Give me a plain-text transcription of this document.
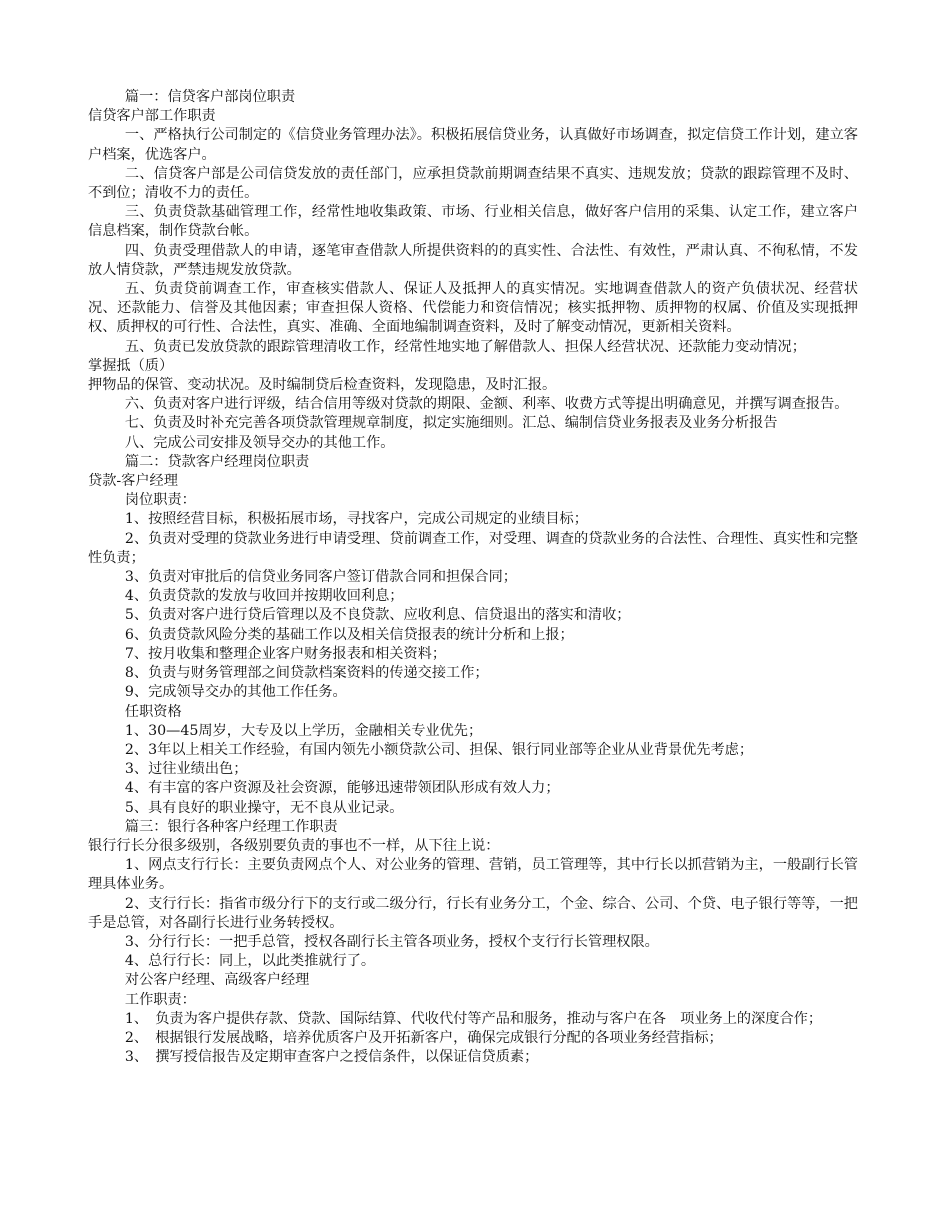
篇一：信贷客户部岗位职责

信贷客户部工作职责

一、严格执行公司制定的《信贷业务管理办法》。积极拓展信贷业务，认真做好市场调查，拟定信贷工作计划，建立客户档案，优选客户。

二、信贷客户部是公司信贷发放的责任部门，应承担贷款前期调查结果不真实、违规发放；贷款的跟踪管理不及时、不到位；清收不力的责任。

三、负责贷款基础管理工作，经常性地收集政策、市场、行业相关信息，做好客户信用的采集、认定工作，建立客户信息档案，制作贷款台帐。

四、负责受理借款人的申请，逐笔审查借款人所提供资料的的真实性、合法性、有效性，严肃认真、不徇私情，不发放人情贷款，严禁违规发放贷款。

五、负责贷前调查工作，审查核实借款人、保证人及抵押人的真实情况。实地调查借款人的资产负债状况、经营状况、还款能力、信誉及其他因素；审查担保人资格、代偿能力和资信情况；核实抵押物、质押物的权属、价值及实现抵押权、质押权的可行性、合法性，真实、准确、全面地编制调查资料，及时了解变动情况，更新相关资料。

五、负责已发放贷款的跟踪管理清收工作，经常性地实地了解借款人、担保人经营状况、还款能力变动情况；

掌握抵（质）

押物品的保管、变动状况。及时编制贷后检查资料，发现隐患，及时汇报。

六、负责对客户进行评级，结合信用等级对贷款的期限、金额、利率、收费方式等提出明确意见，并撰写调查报告。

七、负责及时补充完善各项贷款管理规章制度，拟定实施细则。汇总、编制信贷业务报表及业务分析报告

八、完成公司安排及领导交办的其他工作。

篇二：贷款客户经理岗位职责

贷款-客户经理

岗位职责：

1、按照经营目标，积极拓展市场，寻找客户，完成公司规定的业绩目标；

2、负责对受理的贷款业务进行申请受理、贷前调查工作，对受理、调查的贷款业务的合法性、合理性、真实性和完整性负责；

3、负责对审批后的信贷业务同客户签订借款合同和担保合同；

4、负责贷款的发放与收回并按期收回利息；

5、负责对客户进行贷后管理以及不良贷款、应收利息、信贷退出的落实和清收；

6、负责贷款风险分类的基础工作以及相关信贷报表的统计分析和上报；

7、按月收集和整理企业客户财务报表和相关资料；

8、负责与财务管理部之间贷款档案资料的传递交接工作；

9、完成领导交办的其他工作任务。

任职资格

1、30—45周岁，大专及以上学历，金融相关专业优先；

2、3年以上相关工作经验，有国内领先小额贷款公司、担保、银行同业部等企业从业背景优先考虑；

3、过往业绩出色；

4、有丰富的客户资源及社会资源，能够迅速带领团队形成有效人力；

5、具有良好的职业操守，无不良从业记录。

篇三：银行各种客户经理工作职责

银行行长分很多级别，各级别要负责的事也不一样，从下往上说：

1、网点支行行长：主要负责网点个人、对公业务的管理、营销，员工管理等，其中行长以抓营销为主，一般副行长管理具体业务。

2、支行行长：指省市级分行下的支行或二级分行，行长有业务分工，个金、综合、公司、个贷、电子银行等等，一把手是总管，对各副行长进行业务转授权。

3、分行行长：一把手总管，授权各副行长主管各项业务，授权个支行行长管理权限。

4、总行行长：同上，以此类推就行了。

对公客户经理、高级客户经理

工作职责：

1、　负责为客户提供存款、贷款、国际结算、代收代付等产品和服务，推动与客户在各　项业务上的深度合作；

2、　根据银行发展战略，培养优质客户及开拓新客户，确保完成银行分配的各项业务经营指标；

3、　撰写授信报告及定期审查客户之授信条件，以保证信贷质素；
